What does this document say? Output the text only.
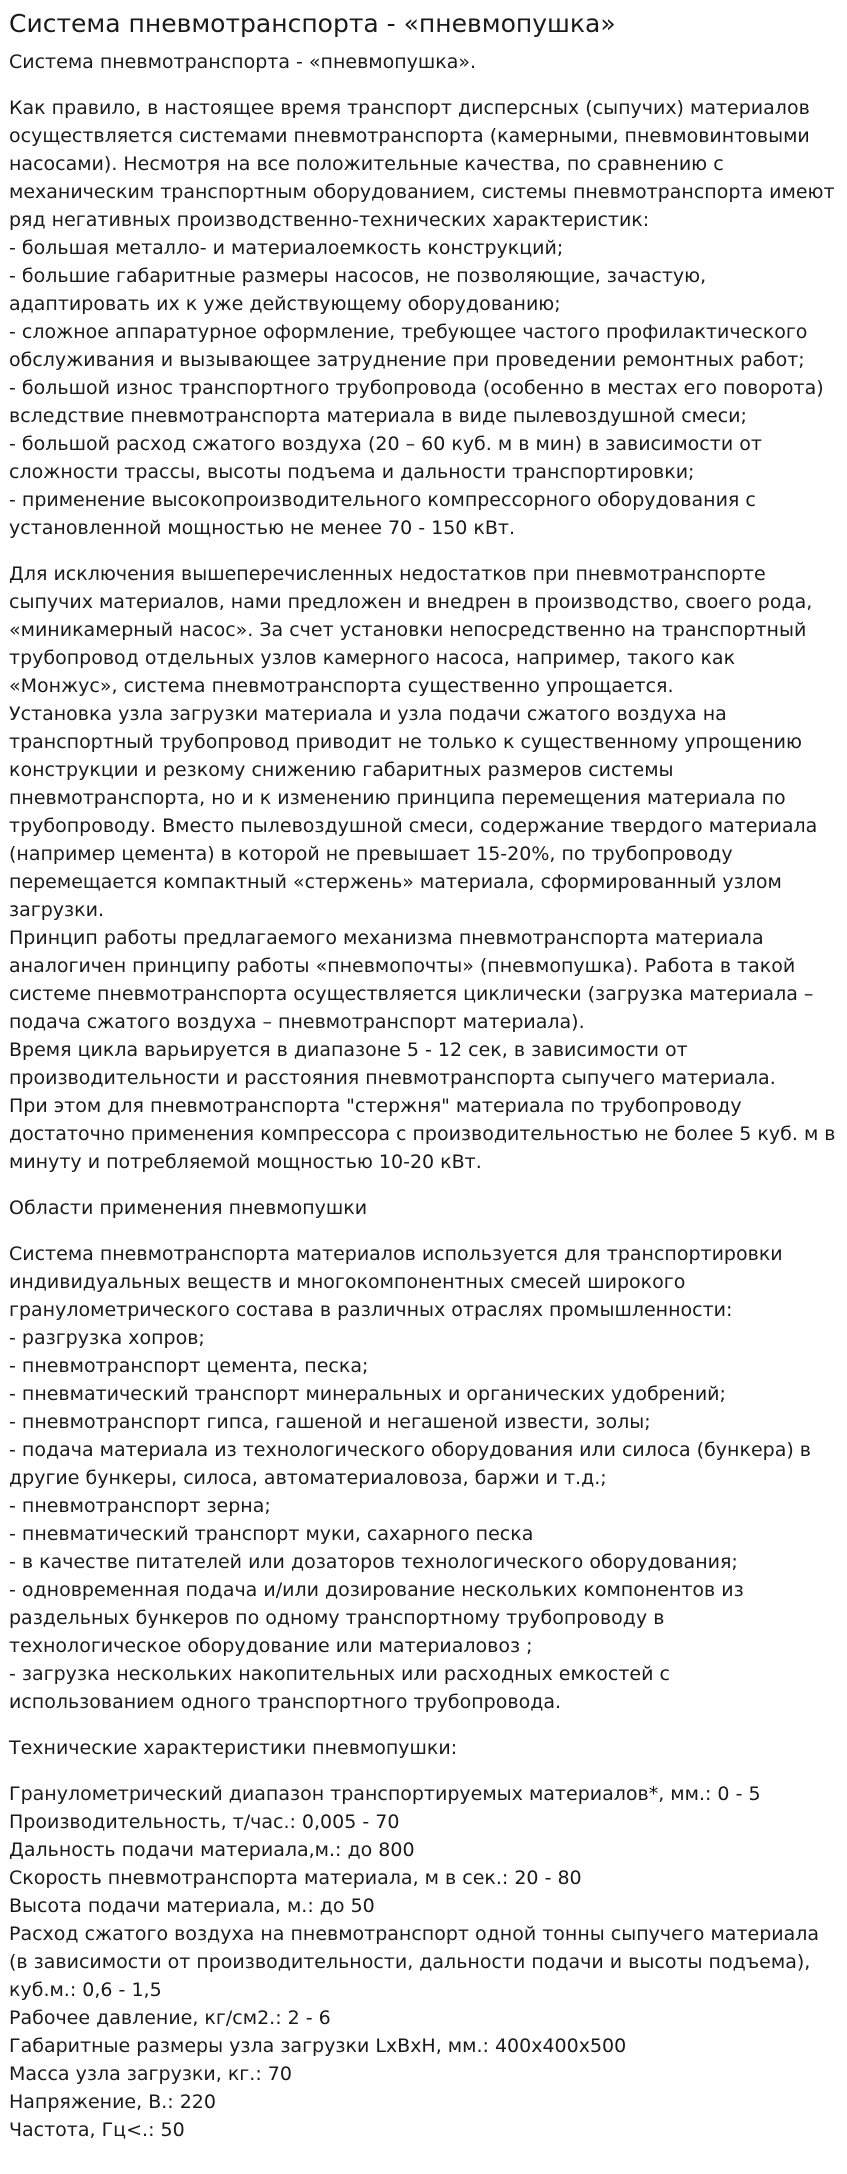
Система пневмотранспорта - «пневмопушка»
Система пневмотранспорта - «пневмопушка».
Как правило, в настоящее время транспорт дисперсных (сыпучих) материалов
осуществляется системами пневмотранспорта (камерными, пневмовинтовыми
насосами). Несмотря на все положительные качества, по сравнению с
механическим транспортным оборудованием, системы пневмотранспорта имеют
ряд негативных производственно-технических характеристик:
- большая металло- и материалоемкость конструкций;
- большие габаритные размеры насосов, не позволяющие, зачастую,
адаптировать их к уже действующему оборудованию;
- сложное аппаратурное оформление, требующее частого профилактического
обслуживания и вызывающее затруднение при проведении ремонтных работ;
- большой износ транспортного трубопровода (особенно в местах его поворота)
вследствие пневмотранспорта материала в виде пылевоздушной смеси;
- большой расход сжатого воздуха (20 – 60 куб. м в мин) в зависимости от
сложности трассы, высоты подъема и дальности транспортировки;
- применение высокопроизводительного компрессорного оборудования с
установленной мощностью не менее 70 - 150 кВт.
Для исключения вышеперечисленных недостатков при пневмотранспорте
сыпучих материалов, нами предложен и внедрен в производство, своего рода,
«миникамерный насос». За счет установки непосредственно на транспортный
трубопровод отдельных узлов камерного насоса, например, такого как
«Монжус», система пневмотранспорта существенно упрощается.
Установка узла загрузки материала и узла подачи сжатого воздуха на
транспортный трубопровод приводит не только к существенному упрощению
конструкции и резкому снижению габаритных размеров системы
пневмотранспорта, но и к изменению принципа перемещения материала по
трубопроводу. Вместо пылевоздушной смеси, содержание твердого материала
(например цемента) в которой не превышает 15-20%, по трубопроводу
перемещается компактный «стержень» материала, сформированный узлом
загрузки.
Принцип работы предлагаемого механизма пневмотранспорта материала
аналогичен принципу работы «пневмопочты» (пневмопушка). Работа в такой
системе пневмотранспорта осуществляется циклически (загрузка материала –
подача сжатого воздуха – пневмотранспорт материала).
Время цикла варьируется в диапазоне 5 - 12 сек, в зависимости от
производительности и расстояния пневмотранспорта сыпучего материала.
При этом для пневмотранспорта "стержня" материала по трубопроводу
достаточно применения компрессора с производительностью не более 5 куб. м в
минуту и потребляемой мощностью 10-20 кВт.
Области применения пневмопушки
Система пневмотранспорта материалов используется для транспортировки
индивидуальных веществ и многокомпонентных смесей широкого
гранулометрического состава в различных отраслях промышленности:
- разгрузка хопров;
- пневмотранспорт цемента, песка;
- пневматический транспорт минеральных и органических удобрений;
- пневмотранспорт гипса, гашеной и негашеной извести, золы;
- подача материала из технологического оборудования или силоса (бункера) в
другие бункеры, силоса, автоматериаловоза, баржи и т.д.;
- пневмотранспорт зерна;
- пневматический транспорт муки, сахарного песка
- в качестве питателей или дозаторов технологического оборудования;
- одновременная подача и/или дозирование нескольких компонентов из
раздельных бункеров по одному транспортному трубопроводу в
технологическое оборудование или материаловоз ;
- загрузка нескольких накопительных или расходных емкостей с
использованием одного транспортного трубопровода.
Технические характеристики пневмопушки:
Гранулометрический диапазон транспортируемых материалов*, мм.: 0 - 5
Производительность, т/час.: 0,005 - 70
Дальность подачи материала,м.: до 800
Скорость пневмотранспорта материала, м в сек.: 20 - 80
Высота подачи материала, м.: до 50
Расход сжатого воздуха на пневмотранспорт одной тонны сыпучего материала
(в зависимости от производительности, дальности подачи и высоты подъема),
куб.м.: 0,6 - 1,5
Рабочее давление, кг/см2.: 2 - 6
Габаритные размеры узла загрузки LxBxH, мм.: 400х400х500
Масса узла загрузки, кг.: 70
Напряжение, В.: 220
Частота, Гц<.: 50
